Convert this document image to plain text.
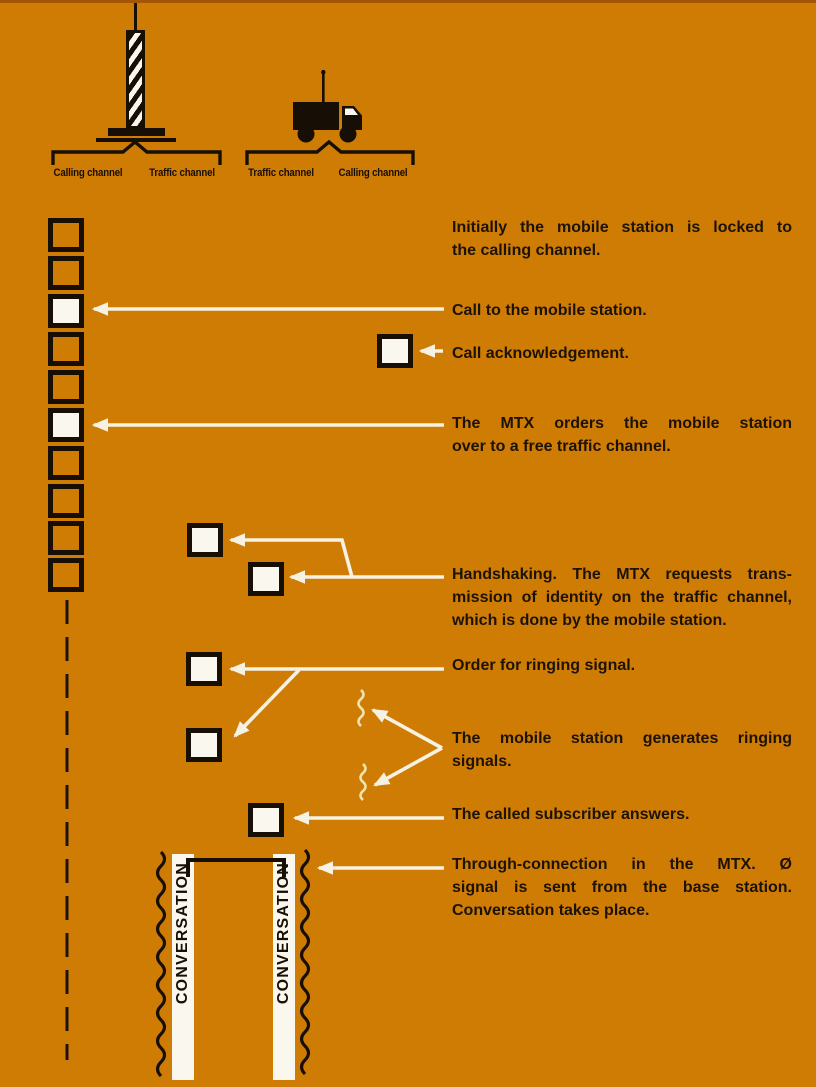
Calling channel	Traffic channel	Traffic channel	Calling channel
CONVERSATION	CONVERSATION
Initially the mobile station is locked to
the calling channel.
Call to the mobile station.
Call acknowledgement.
The MTX orders the mobile station
over to a free traffic channel.
Handshaking. The MTX requests trans-
mission of identity on the traffic channel,
which is done by the mobile station.
Order for ringing signal.
The mobile station generates ringing
signals.
The called subscriber answers.
Through-connection in the MTX. Ø
signal is sent from the base station.
Conversation takes place.
